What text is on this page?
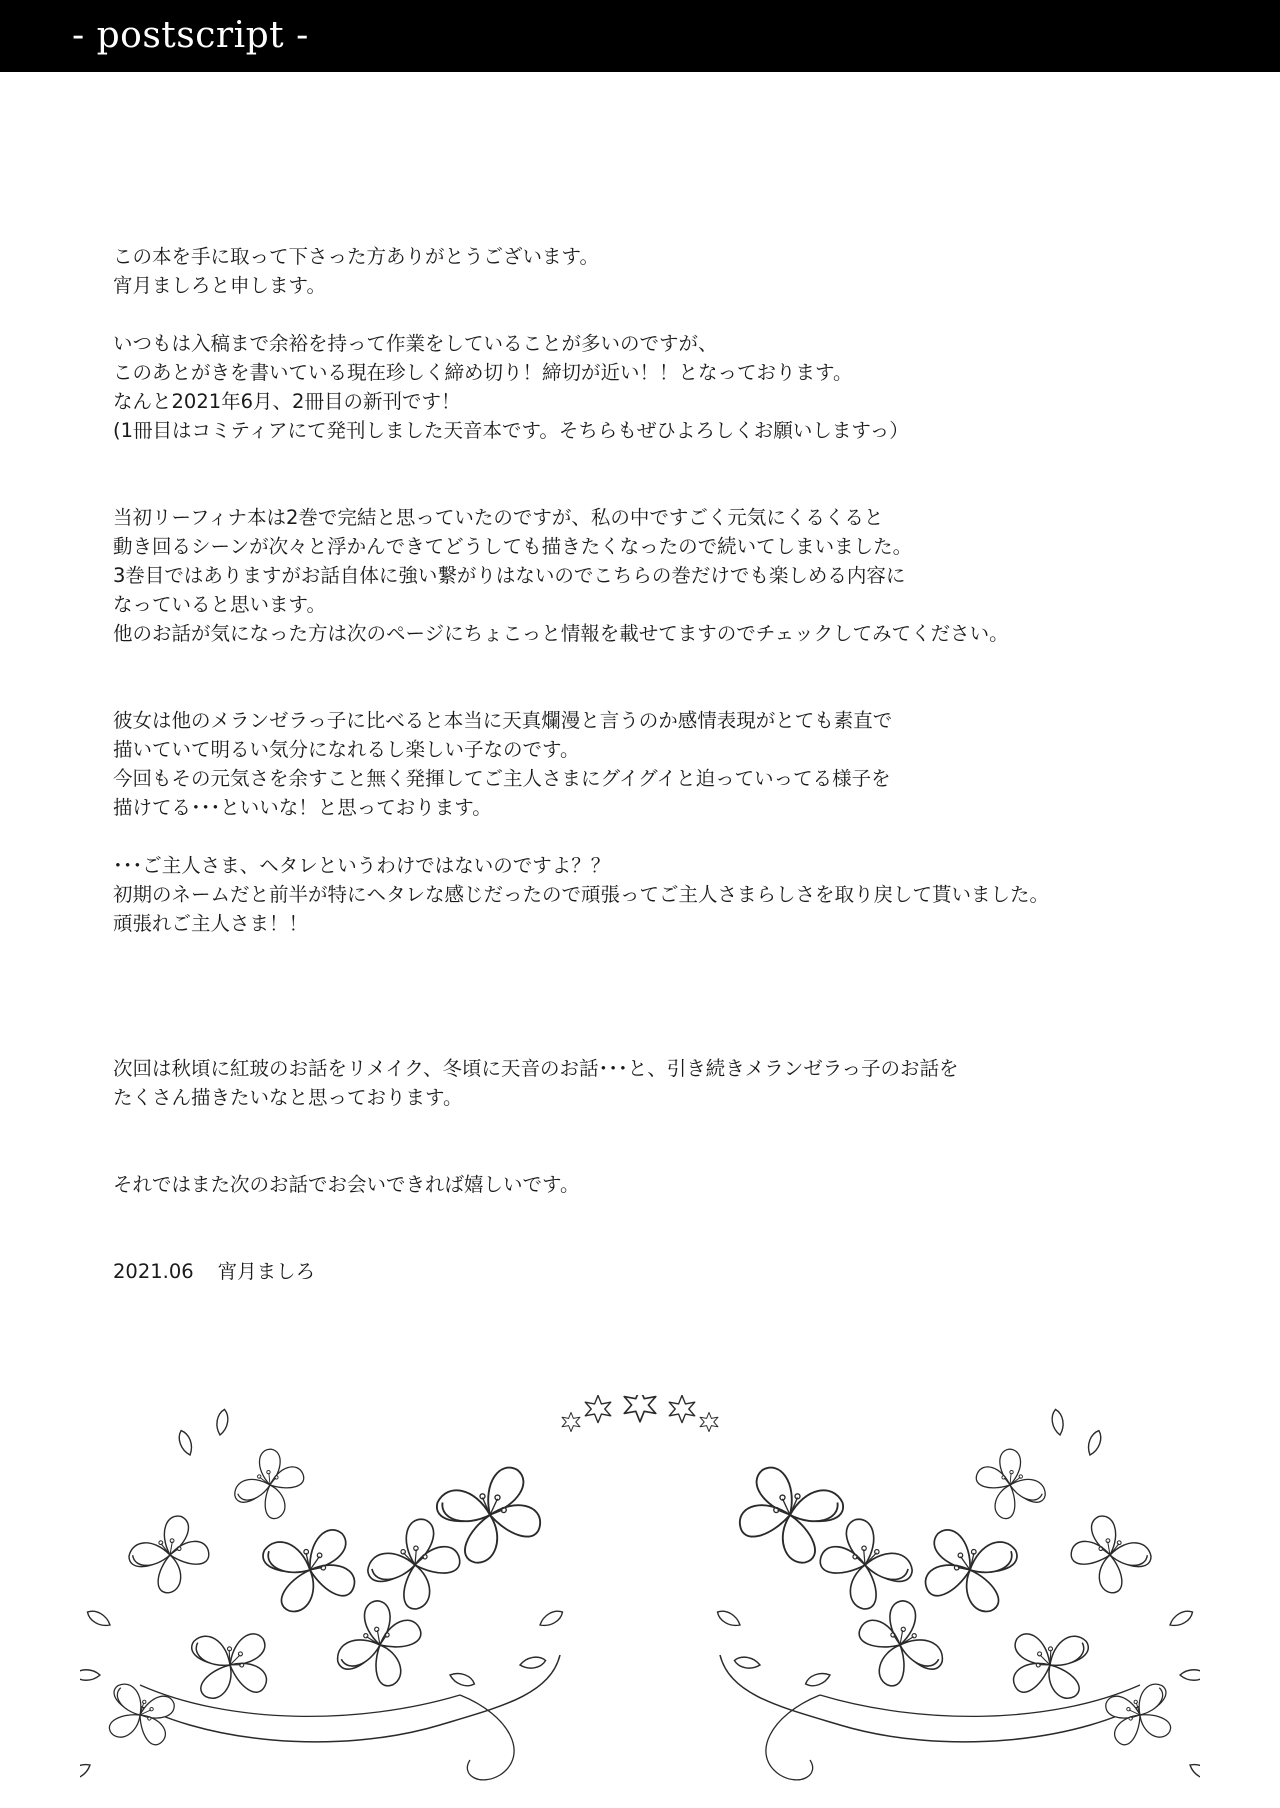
- postscript -
この本を手に取って下さった方ありがとうございます。
宵月ましろと申します。
いつもは入稿まで余裕を持って作業をしていることが多いのですが、
このあとがきを書いている現在珍しく締め切り！締切が近い！！となっております。
なんと2021年6月、2冊目の新刊です！
(1冊目はコミティアにて発刊しました天音本です。そちらもぜひよろしくお願いしますっ）
当初リーフィナ本は2巻で完結と思っていたのですが、私の中ですごく元気にくるくると
動き回るシーンが次々と浮かんできてどうしても描きたくなったので続いてしまいました。
3巻目ではありますがお話自体に強い繋がりはないのでこちらの巻だけでも楽しめる内容に
なっていると思います。
他のお話が気になった方は次のページにちょこっと情報を載せてますのでチェックしてみてください。
彼女は他のメランゼラっ子に比べると本当に天真爛漫と言うのか感情表現がとても素直で
描いていて明るい気分になれるし楽しい子なのです。
今回もその元気さを余すこと無く発揮してご主人さまにグイグイと迫っていってる様子を
描けてる･･･といいな！と思っております。
･･･ご主人さま、ヘタレというわけではないのですよ？？
初期のネームだと前半が特にヘタレな感じだったので頑張ってご主人さまらしさを取り戻して貰いました。
頑張れご主人さま！！
次回は秋頃に紅玻のお話をリメイク、冬頃に天音のお話･･･と、引き続きメランゼラっ子のお話を
たくさん描きたいなと思っております。
それではまた次のお話でお会いできれば嬉しいです。
2021.06 宵月ましろ
